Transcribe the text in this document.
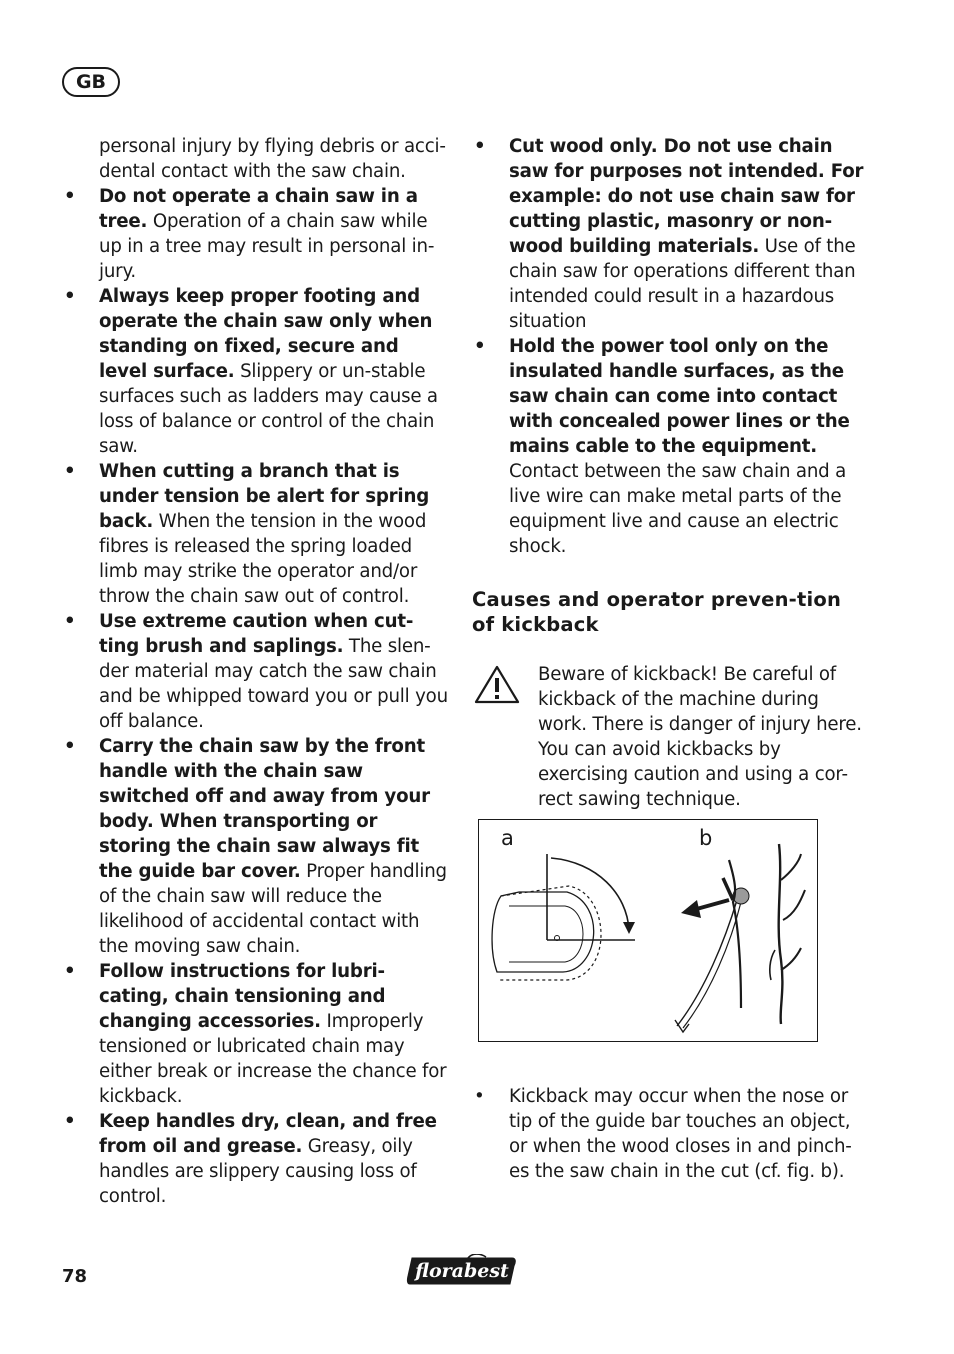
GB

personal injury by flying debris or acci-dental contact with the saw chain.

• Do not operate a chain saw in a tree. Operation of a chain saw while up in a tree may result in personal in-jury.
• Always keep proper footing and operate the chain saw only when standing on fixed, secure and level surface. Slippery or un-stable surfaces such as ladders may cause a loss of balance or control of the chain saw.
• When cutting a branch that is under tension be alert for spring back. When the tension in the wood fibres is released the spring loaded limb may strike the operator and/or throw the chain saw out of control.
• Use extreme caution when cut-ting brush and saplings. The slen-der material may catch the saw chain and be whipped toward you or pull you off balance.
• Carry the chain saw by the front handle with the chain saw switched off and away from your body. When transporting or storing the chain saw always fit the guide bar cover. Proper handling of the chain saw will reduce the likelihood of accidental contact with the moving saw chain.
• Follow instructions for lubri-cating, chain tensioning and changing accessories. Improperly tensioned or lubricated chain may either break or increase the chance for kickback.
• Keep handles dry, clean, and free from oil and grease. Greasy, oily handles are slippery causing loss of control.
• Cut wood only. Do not use chain saw for purposes not intended. For example: do not use chain saw for cutting plastic, masonry or non-wood building materials. Use of the chain saw for operations different than intended could result in a hazardous situation
• Hold the power tool only on the insulated handle surfaces, as the saw chain can come into contact with concealed power lines or the mains cable to the equipment. Contact between the saw chain and a live wire can make metal parts of the equipment live and cause an electric shock.

Causes and operator preven-tion of kickback

Beware of kickback! Be careful of kickback of the machine during work. There is danger of injury here. You can avoid kickbacks by exercising caution and using a cor-rect sawing technique.
a	b
• Kickback may occur when the nose or tip of the guide bar touches an object, or when the wood closes in and pinch-es the saw chain in the cut (cf. fig. b).
78	florabest
